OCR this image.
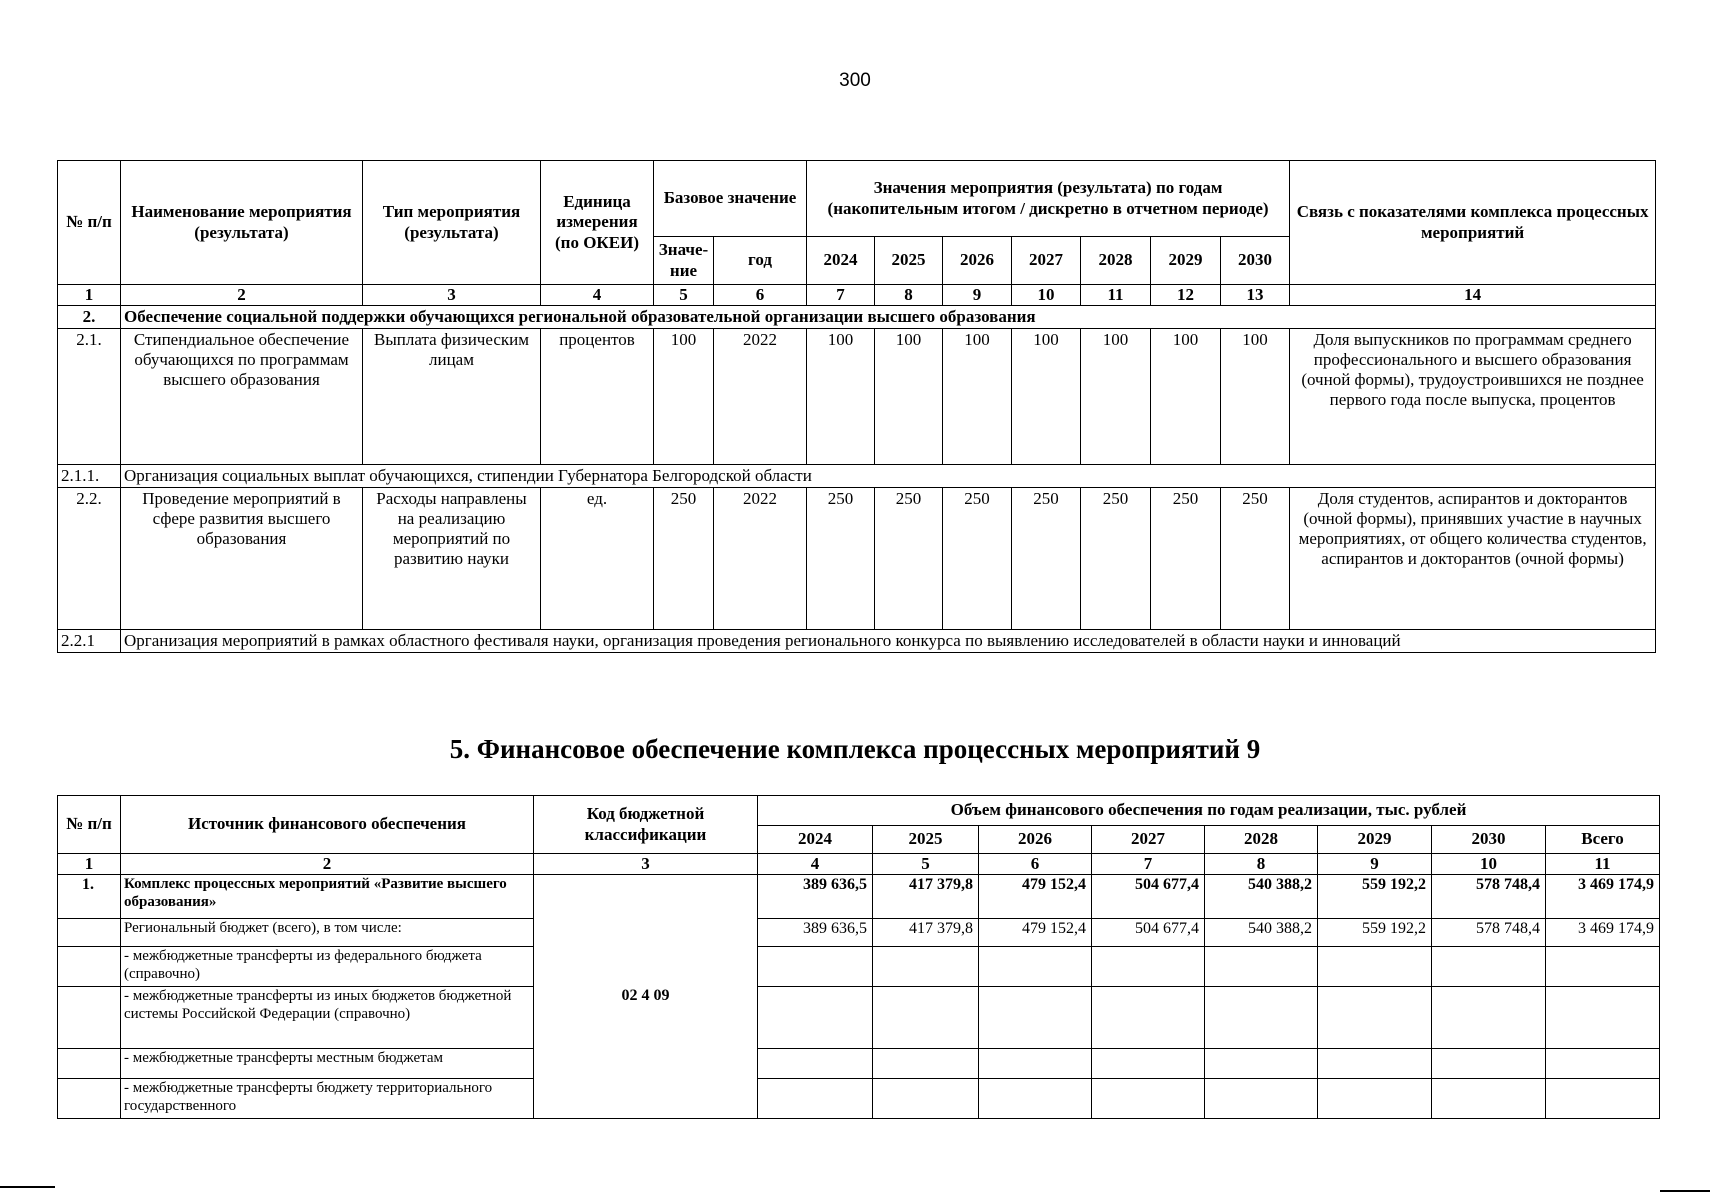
300
№ п/п	Наименование мероприятия (результата)	Тип мероприятия (результата)	Единица измерения (по ОКЕИ)	Базовое значение		Значения мероприятия (результата) по годам (накопительным итогом / дискретно в отчетном периоде)							Связь с показателями комплекса процессных мероприятий
				Значе-ние	год	2024	2025	2026	2027	2028	2029	2030	
1	2	3	4	5	6	7	8	9	10	11	12	13	14
2.	Обеспечение социальной поддержки обучающихся региональной образовательной организации высшего образования												
2.1.	Стипендиальное обеспечение обучающихся по программам высшего образования	Выплата физическим лицам	процентов	100	2022	100	100	100	100	100	100	100	Доля выпускников по программам среднего профессионального и высшего образования (очной формы), трудоустроившихся не позднее первого года после выпуска, процентов
2.1.1.	Организация социальных выплат обучающихся, стипендии Губернатора Белгородской области												
2.2.	Проведение мероприятий в сфере развития высшего образования	Расходы направлены на реализацию мероприятий по развитию науки	ед.	250	2022	250	250	250	250	250	250	250	Доля студентов, аспирантов и докторантов (очной формы), принявших участие в научных мероприятиях, от общего количества студентов, аспирантов и докторантов (очной формы)
2.2.1	Организация мероприятий в рамках областного фестиваля науки, организация проведения регионального конкурса по выявлению исследователей в области науки и инноваций												
5. Финансовое обеспечение комплекса процессных мероприятий 9
№ п/п	Источник финансового обеспечения	Код бюджетной классификации	Объем финансового обеспечения по годам реализации, тыс. рублей							
			2024	2025	2026	2027	2028	2029	2030	Всего
1	2	3	4	5	6	7	8	9	10	11
1.	Комплекс процессных мероприятий «Развитие высшего образования»	02 4 09	389 636,5	417 379,8	479 152,4	504 677,4	540 388,2	559 192,2	578 748,4	3 469 174,9
	Региональный бюджет (всего), в том числе:		389 636,5	417 379,8	479 152,4	504 677,4	540 388,2	559 192,2	578 748,4	3 469 174,9
	- межбюджетные трансферты из федерального бюджета (справочно)									
	- межбюджетные трансферты из иных бюджетов бюджетной системы Российской Федерации (справочно)									
	- межбюджетные трансферты местным бюджетам									
	- межбюджетные трансферты бюджету территориального государственного									
